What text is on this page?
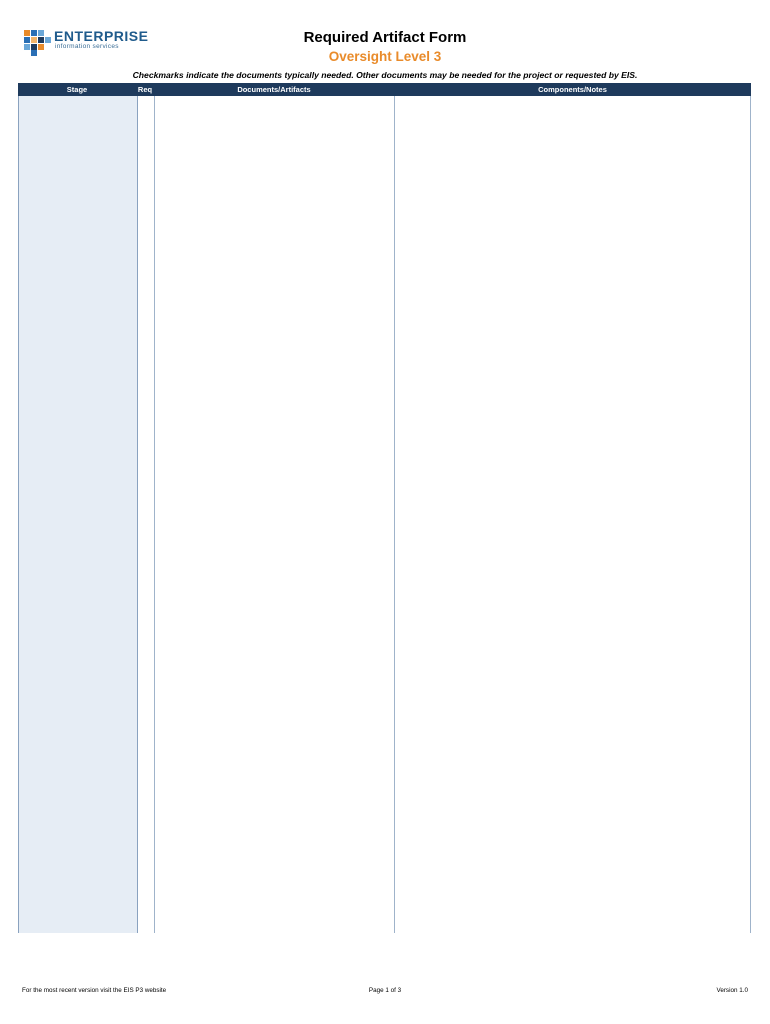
ENTERPRISE
information services
Required Artifact Form
Oversight Level 3
Checkmarks indicate the documents typically needed. Other documents may be needed for the project or requested by EIS.
Stage	Req	Documents/Artifacts	Components/Notes
For the most recent version visit the EIS P3 website	Page 1 of 3	Version 1.0
